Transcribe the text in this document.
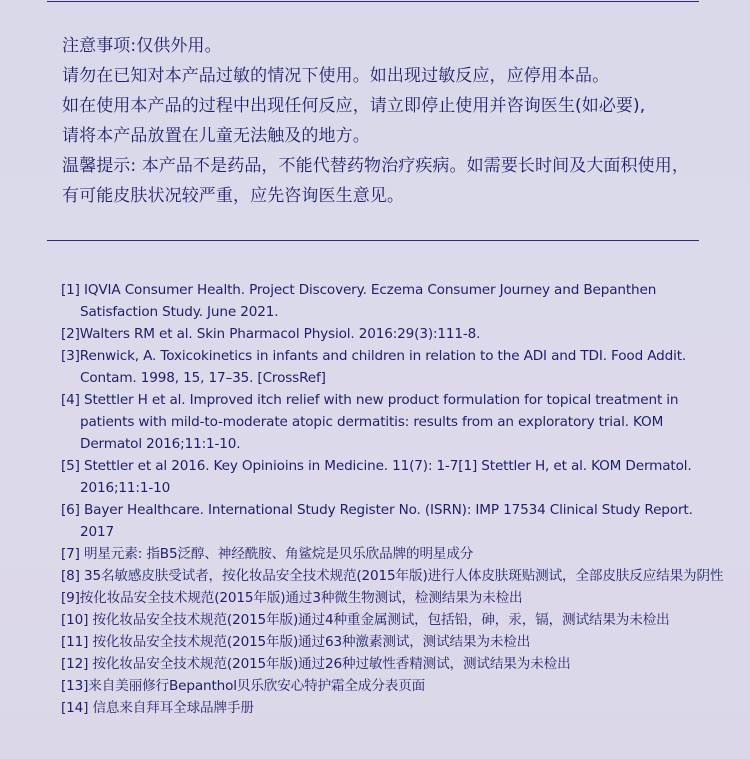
注意事项:仅供外用。
请勿在已知对本产品过敏的情况下使用。如出现过敏反应，应停用本品。
如在使用本产品的过程中出现任何反应，请立即停止使用并咨询医生(如必要),
请将本产品放置在儿童无法触及的地方。
温馨提示: 本产品不是药品，不能代替药物治疗疾病。如需要长时间及大面积使用，
有可能皮肤状况较严重，应先咨询医生意见。
[1] IQVIA Consumer Health. Project Discovery. Eczema Consumer Journey and Bepanthen Satisfaction Study. June 2021.
[2]Walters RM et al. Skin Pharmacol Physiol. 2016:29(3):111-8.
[3]Renwick, A. Toxicokinetics in infants and children in relation to the ADI and TDI. Food Addit. Contam. 1998, 15, 17–35. [CrossRef]
[4] Stettler H et al. Improved itch relief with new product formulation for topical treatment in patients with mild-to-moderate atopic dermatitis: results from an exploratory trial. KOM Dermatol 2016;11:1-10.
[5] Stettler et al 2016. Key Opinioins in Medicine. 11(7): 1-7[1] Stettler H, et al. KOM Dermatol. 2016;11:1-10
[6] Bayer Healthcare. International Study Register No. (ISRN): IMP 17534 Clinical Study Report. 2017
[7] 明星元素: 指B5泛醇、神经酰胺、角鲨烷是贝乐欣品牌的明星成分
[8] 35名敏感皮肤受试者，按化妆品安全技术规范(2015年版)进行人体皮肤斑贴测试，全部皮肤反应结果为阴性
[9]按化妆品安全技术规范(2015年版)通过3种微生物测试，检测结果为未检出
[10] 按化妆品安全技术规范(2015年版)通过4种重金属测试，包括铅，砷，汞，镉，测试结果为未检出
[11] 按化妆品安全技术规范(2015年版)通过63种激素测试，测试结果为未检出
[12] 按化妆品安全技术规范(2015年版)通过26种过敏性香精测试，测试结果为未检出
[13]来自美丽修行Bepanthol贝乐欣安心特护霜全成分表页面
[14] 信息来自拜耳全球品牌手册
